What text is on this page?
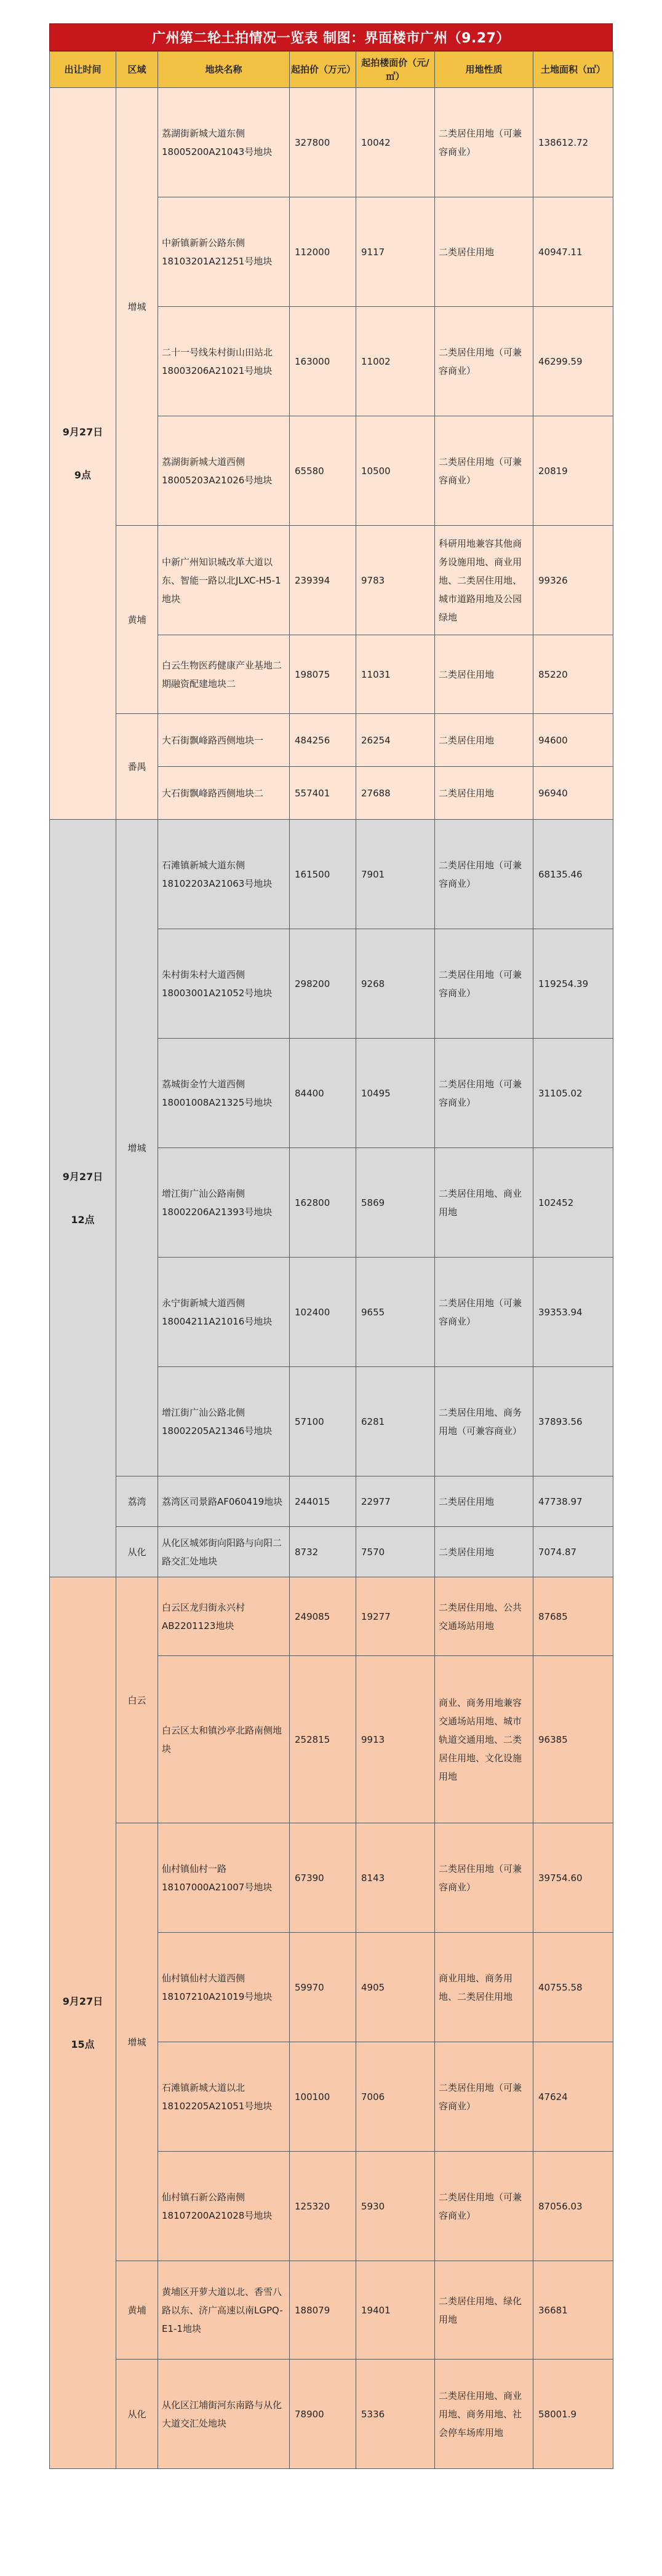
广州第二轮土拍情况一览表 制图：界面楼市广州（9.27）
出让时间	区域	地块名称	起拍价（万元）	起拍楼面价（元/㎡）	用地性质	土地面积（㎡）

9月27日
9点	增城	荔湖街新城大道东侧18005200A21043号地块	327800	10042	二类居住用地（可兼容商业）	138612.72
		中新镇新新公路东侧18103201A21251号地块	112000	9117	二类居住用地	40947.11
		二十一号线朱村街山田站北18003206A21021号地块	163000	11002	二类居住用地（可兼容商业）	46299.59
		荔湖街新城大道西侧18005203A21026号地块	65580	10500	二类居住用地（可兼容商业）	20819
	黄埔	中新广州知识城改革大道以东、智能一路以北JLXC-H5-1地块	239394	9783	科研用地兼容其他商务设施用地、商业用地、二类居住用地、城市道路用地及公园绿地	99326
		白云生物医药健康产业基地二期融资配建地块二	198075	11031	二类居住用地	85220
	番禺	大石街飘峰路西侧地块一	484256	26254	二类居住用地	94600
		大石街飘峰路西侧地块二	557401	27688	二类居住用地	96940

9月27日
12点	增城	石滩镇新城大道东侧18102203A21063号地块	161500	7901	二类居住用地（可兼容商业）	68135.46
		朱村街朱村大道西侧18003001A21052号地块	298200	9268	二类居住用地（可兼容商业）	119254.39
		荔城街金竹大道西侧18001008A21325号地块	84400	10495	二类居住用地（可兼容商业）	31105.02
		增江街广汕公路南侧18002206A21393号地块	162800	5869	二类居住用地、商业用地	102452
		永宁街新城大道西侧18004211A21016号地块	102400	9655	二类居住用地（可兼容商业）	39353.94
		增江街广汕公路北侧18002205A21346号地块	57100	6281	二类居住用地、商务用地（可兼容商业）	37893.56
	荔湾	荔湾区司景路AF060419地块	244015	22977	二类居住用地	47738.97
	从化	从化区城郊街向阳路与向阳二路交汇处地块	8732	7570	二类居住用地	7074.87

9月27日
15点	白云	白云区龙归街永兴村AB2201123地块	249085	19277	二类居住用地、公共交通场站用地	87685
		白云区太和镇沙亭北路南侧地块	252815	9913	商业、商务用地兼容交通场站用地、城市轨道交通用地、二类居住用地、文化设施用地	96385
	增城	仙村镇仙村一路18107000A21007号地块	67390	8143	二类居住用地（可兼容商业）	39754.60
		仙村镇仙村大道西侧18107210A21019号地块	59970	4905	商业用地、商务用地、二类居住用地	40755.58
		石滩镇新城大道以北18102205A21051号地块	100100	7006	二类居住用地（可兼容商业）	47624
		仙村镇石新公路南侧18107200A21028号地块	125320	5930	二类居住用地（可兼容商业）	87056.03
	黄埔	黄埔区开萝大道以北、香雪八路以东、济广高速以南LGPQ-E1-1地块	188079	19401	二类居住用地、绿化用地	36681
	从化	从化区江埔街河东南路与从化大道交汇处地块	78900	5336	二类居住用地、商业用地、商务用地、社会停车场库用地	58001.9
